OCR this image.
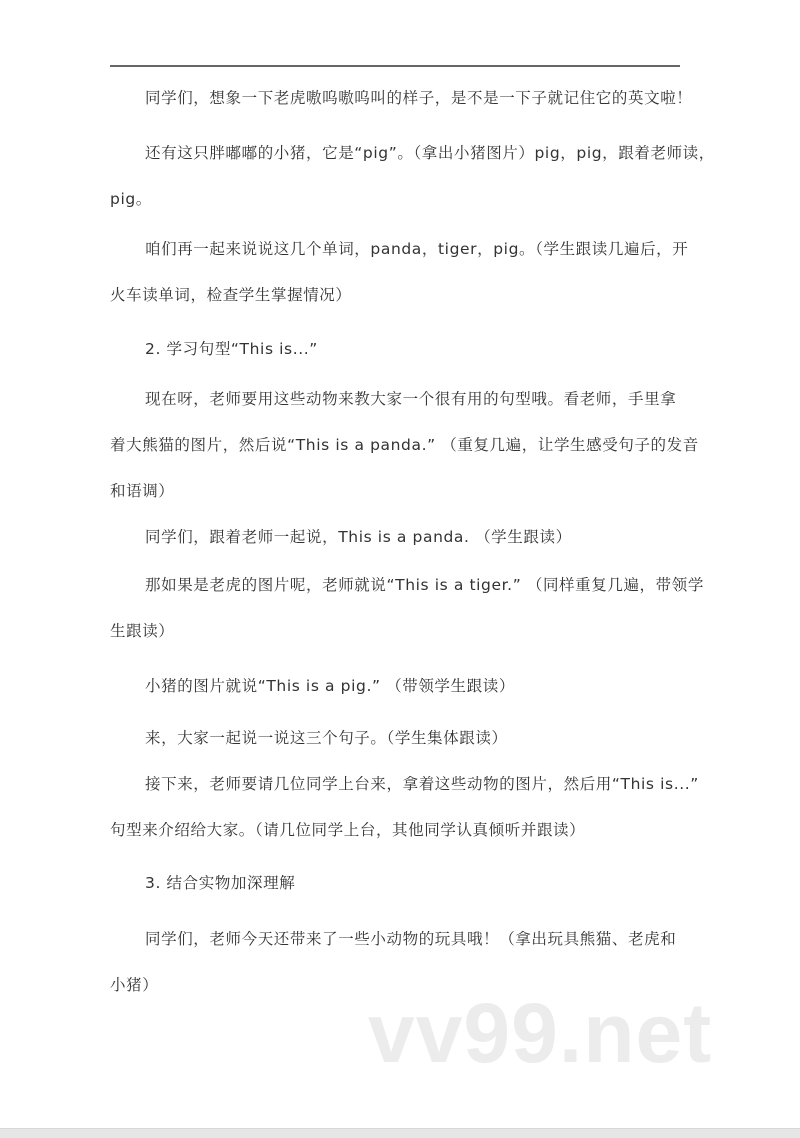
同学们，想象一下老虎嗷呜嗷呜叫的样子，是不是一下子就记住它的英文啦！
还有这只胖嘟嘟的小猪，它是“pig”。（拿出小猪图片）pig，pig，跟着老师读，
pig。
咱们再一起来说说这几个单词，panda，tiger，pig。（学生跟读几遍后，开
火车读单词，检查学生掌握情况）
2. 学习句型“This is...”
现在呀，老师要用这些动物来教大家一个很有用的句型哦。看老师，手里拿
着大熊猫的图片，然后说“This is a panda.” （重复几遍，让学生感受句子的发音
和语调）
同学们，跟着老师一起说，This is a panda. （学生跟读）
那如果是老虎的图片呢，老师就说“This is a tiger.” （同样重复几遍，带领学
生跟读）
小猪的图片就说“This is a pig.” （带领学生跟读）
来，大家一起说一说这三个句子。（学生集体跟读）
接下来，老师要请几位同学上台来，拿着这些动物的图片，然后用“This is...”
句型来介绍给大家。（请几位同学上台，其他同学认真倾听并跟读）
3. 结合实物加深理解
同学们，老师今天还带来了一些小动物的玩具哦！（拿出玩具熊猫、老虎和
小猪）
vv99.net
